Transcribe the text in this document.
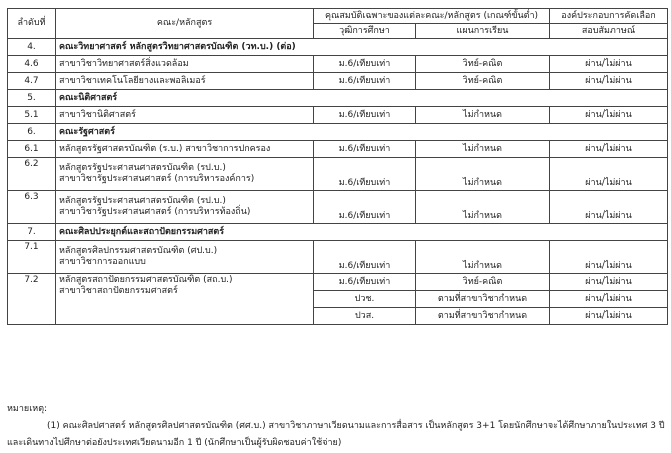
ลำดับที่	คณะ/หลักสูตร	คุณสมบัติเฉพาะของแต่ละคณะ/หลักสูตร (เกณฑ์ขั้นต่ำ)		องค์ประกอบการคัดเลือก
		วุฒิการศึกษา	แผนการเรียน	สอบสัมภาษณ์
4.	คณะวิทยาศาสตร์ หลักสูตรวิทยาศาสตรบัณฑิต (วท.บ.) (ต่อ)			
4.6	สาขาวิชาวิทยาศาสตร์สิ่งแวดล้อม	ม.6/เทียบเท่า	วิทย์-คณิต	ผ่าน/ไม่ผ่าน
4.7	สาขาวิชาเทคโนโลยียางและพอลิเมอร์	ม.6/เทียบเท่า	วิทย์-คณิต	ผ่าน/ไม่ผ่าน
5.	คณะนิติศาสตร์			
5.1	สาขาวิชานิติศาสตร์	ม.6/เทียบเท่า	ไม่กำหนด	ผ่าน/ไม่ผ่าน
6.	คณะรัฐศาสตร์			
6.1	หลักสูตรรัฐศาสตรบัณฑิต (ร.บ.) สาขาวิชาการปกครอง	ม.6/เทียบเท่า	ไม่กำหนด	ผ่าน/ไม่ผ่าน
6.2	หลักสูตรรัฐประศาสนศาสตรบัณฑิต (รป.บ.)
สาขาวิชารัฐประศาสนศาสตร์ (การบริหารองค์การ)	ม.6/เทียบเท่า	ไม่กำหนด	ผ่าน/ไม่ผ่าน
6.3	หลักสูตรรัฐประศาสนศาสตรบัณฑิต (รป.บ.)
สาขาวิชารัฐประศาสนศาสตร์ (การบริหารท้องถิ่น)	ม.6/เทียบเท่า	ไม่กำหนด	ผ่าน/ไม่ผ่าน
7.	คณะศิลปประยุกต์และสถาปัตยกรรมศาสตร์			
7.1	หลักสูตรศิลปกรรมศาสตรบัณฑิต (ศป.บ.)
สาขาวิชาการออกแบบ	ม.6/เทียบเท่า	ไม่กำหนด	ผ่าน/ไม่ผ่าน
7.2	หลักสูตรสถาปัตยกรรมศาสตรบัณฑิต (สถ.บ.)
สาขาวิชาสถาปัตยกรรมศาสตร์	ม.6/เทียบเท่า	วิทย์-คณิต	ผ่าน/ไม่ผ่าน
		ปวช.	ตามที่สาขาวิชากำหนด	ผ่าน/ไม่ผ่าน
		ปวส.	ตามที่สาขาวิชากำหนด	ผ่าน/ไม่ผ่าน

หมายเหตุ:

(1) คณะศิลปศาสตร์ หลักสูตรศิลปศาสตรบัณฑิต (ศศ.บ.) สาขาวิชาภาษาเวียดนามและการสื่อสาร เป็นหลักสูตร 3+1 โดยนักศึกษาจะได้ศึกษาภายในประเทศ 3 ปี

และเดินทางไปศึกษาต่อยังประเทศเวียดนามอีก 1 ปี (นักศึกษาเป็นผู้รับผิดชอบค่าใช้จ่าย)
